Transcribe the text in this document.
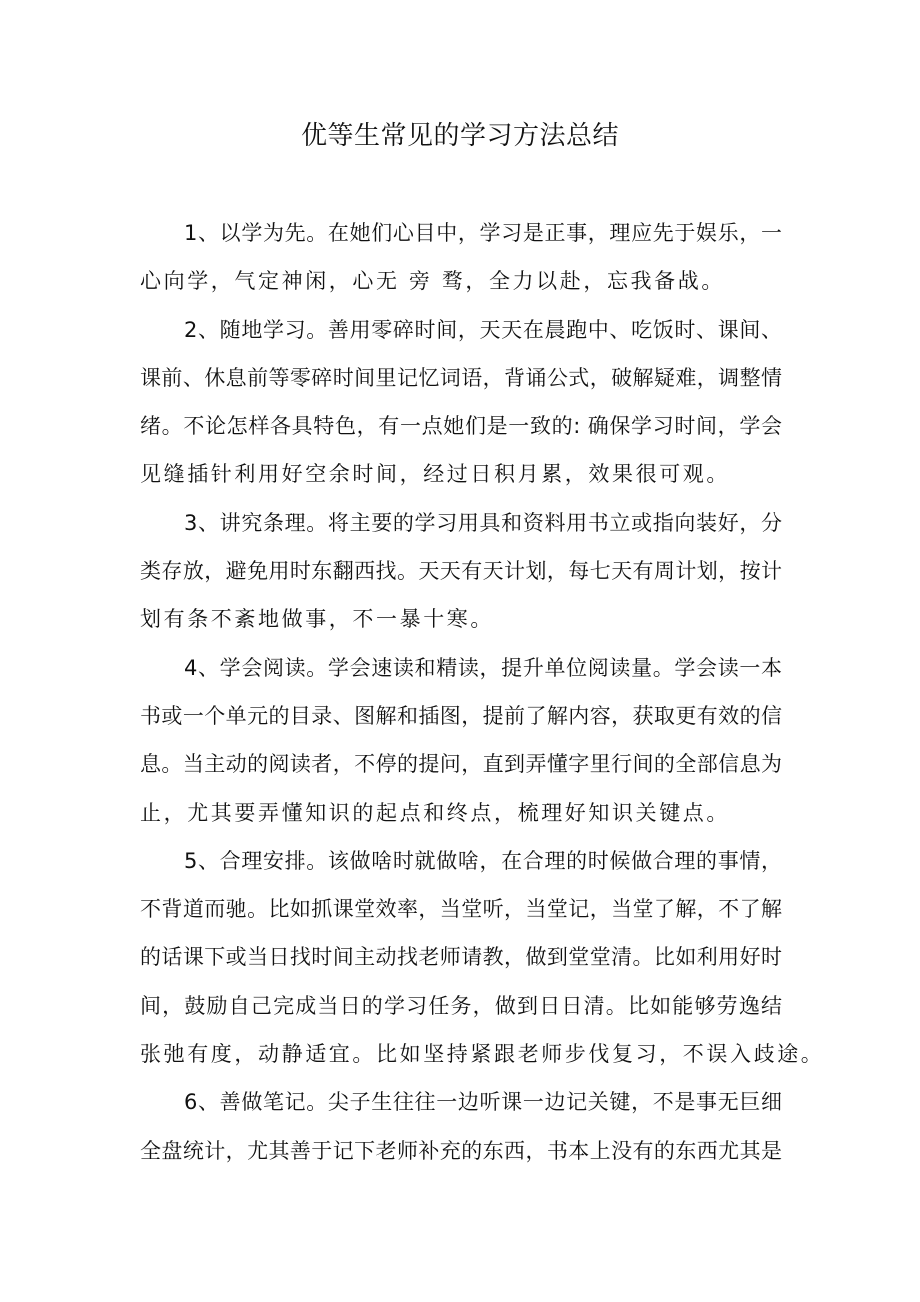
优等生常见的学习方法总结
1、以学为先。在她们心目中，学习是正事，理应先于娱乐，一
心向学，气定神闲，心无 旁 骛，全力以赴，忘我备战。
2、随地学习。善用零碎时间，天天在晨跑中、吃饭时、课间、
课前、休息前等零碎时间里记忆词语，背诵公式，破解疑难，调整情
绪。不论怎样各具特色，有一点她们是一致的: 确保学习时间，学会
见缝插针利用好空余时间，经过日积月累，效果很可观。
3、讲究条理。将主要的学习用具和资料用书立或指向装好，分
类存放，避免用时东翻西找。天天有天计划，每七天有周计划，按计
划有条不紊地做事，不一暴十寒。
4、学会阅读。学会速读和精读，提升单位阅读量。学会读一本
书或一个单元的目录、图解和插图，提前了解内容，获取更有效的信
息。当主动的阅读者，不停的提问，直到弄懂字里行间的全部信息为
止，尤其要弄懂知识的起点和终点，梳理好知识关键点。
5、合理安排。该做啥时就做啥，在合理的时候做合理的事情，
不背道而驰。比如抓课堂效率，当堂听，当堂记，当堂了解，不了解
的话课下或当日找时间主动找老师请教，做到堂堂清。比如利用好时
间，鼓励自己完成当日的学习任务，做到日日清。比如能够劳逸结
张弛有度，动静适宜。比如坚持紧跟老师步伐复习，不误入歧途。
6、善做笔记。尖子生往往一边听课一边记关键，不是事无巨细
全盘统计，尤其善于记下老师补充的东西，书本上没有的东西尤其是
